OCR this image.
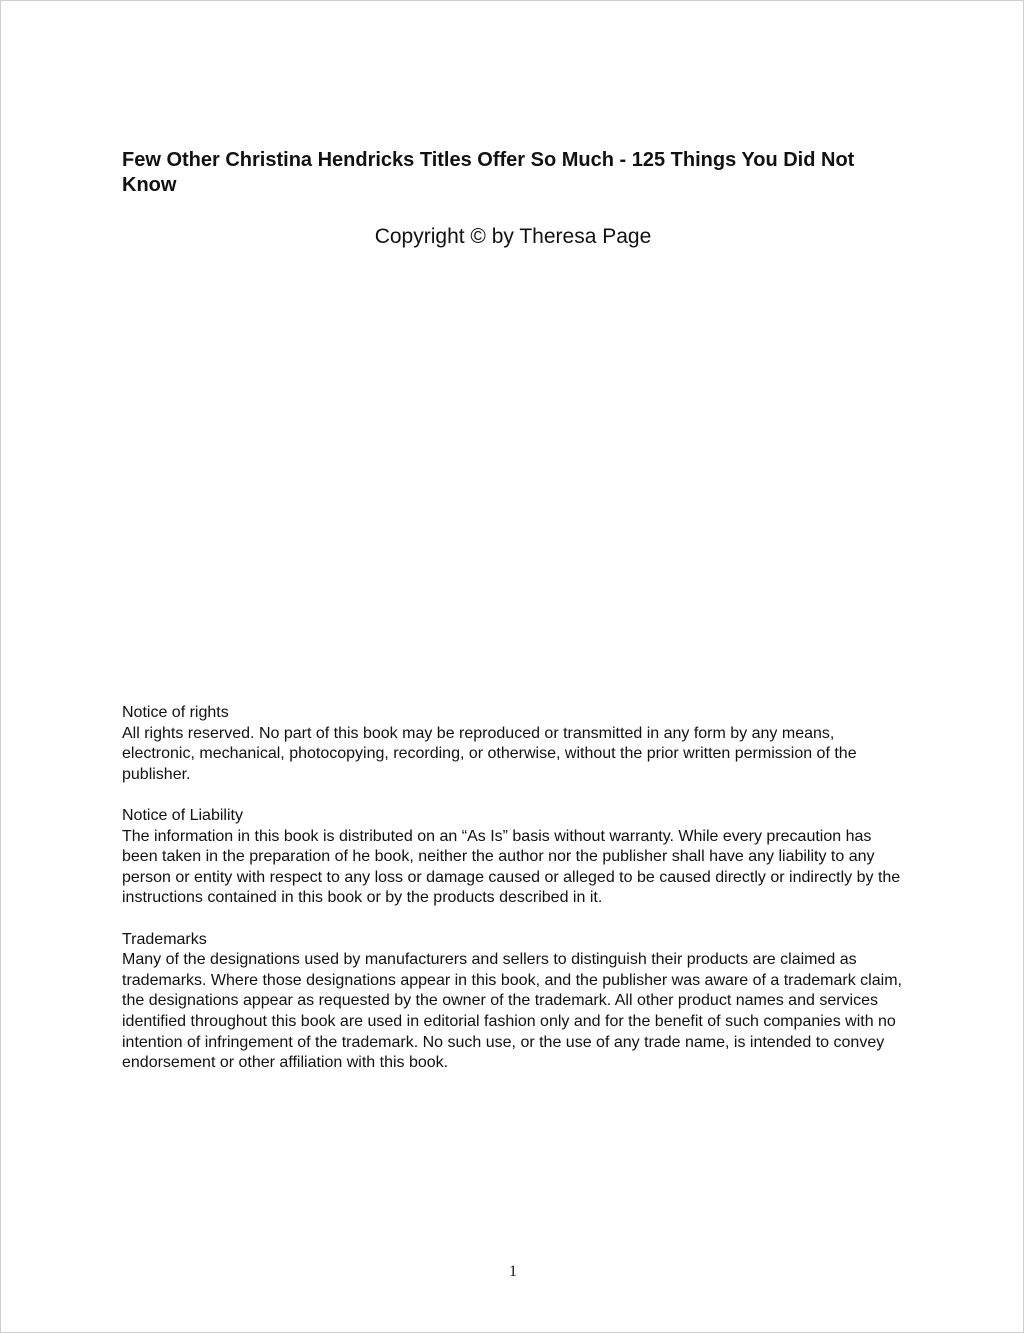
Few Other Christina Hendricks Titles Offer So Much - 125 Things You Did Not Know
Copyright © by Theresa Page
Notice of rights
All rights reserved. No part of this book may be reproduced or transmitted in any form by any means, electronic, mechanical, photocopying, recording, or otherwise, without the prior written permission of the publisher.
Notice of Liability
The information in this book is distributed on an “As Is” basis without warranty. While every precaution has been taken in the preparation of he book, neither the author nor the publisher shall have any liability to any person or entity with respect to any loss or damage caused or alleged to be caused directly or indirectly by the instructions contained in this book or by the products described in it.
Trademarks
Many of the designations used by manufacturers and sellers to distinguish their products are claimed as trademarks. Where those designations appear in this book, and the publisher was aware of a trademark claim, the designations appear as requested by the owner of the trademark. All other product names and services identified throughout this book are used in editorial fashion only and for the benefit of such companies with no intention of infringement of the trademark. No such use, or the use of any trade name, is intended to convey endorsement or other affiliation with this book.
1
